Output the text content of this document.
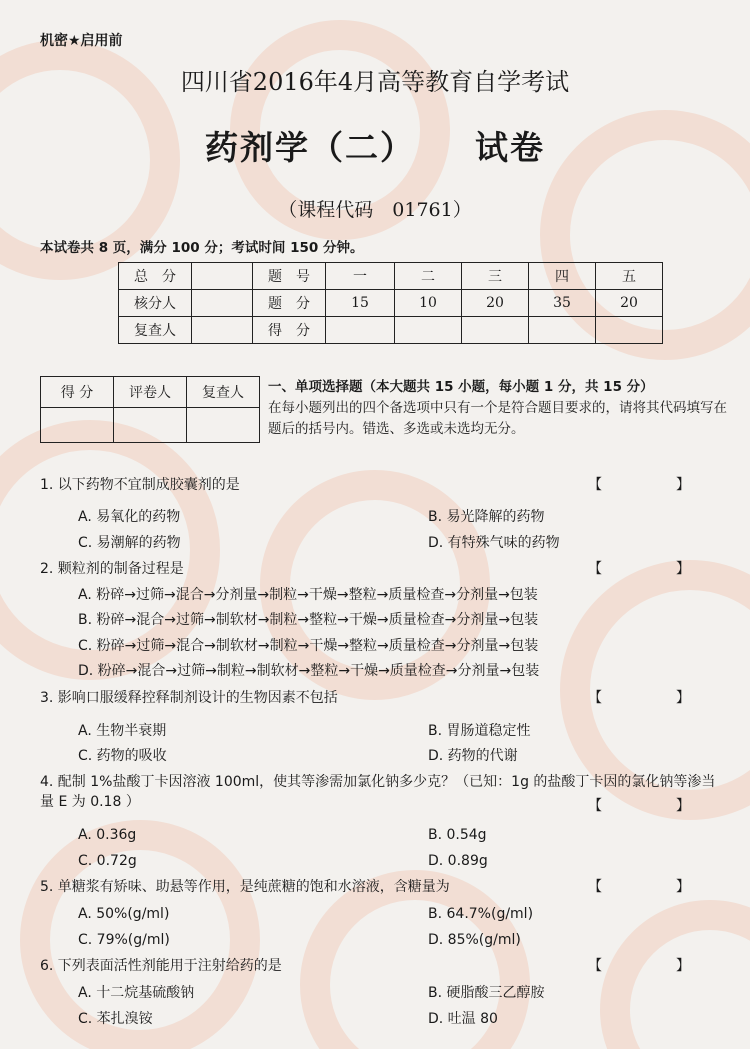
机密★启用前
四川省2016年4月高等教育自学考试
药剂学（二） 试卷
（课程代码　01761）
本试卷共 8 页，满分 100 分；考试时间 150 分钟。
总　分		题　号	一	二	三	四	五
核分人		题　分	15	10	20	35	20
复查人		得　分					
得 分	评卷人	复查人
		一、单项选择题（本大题共 15 小题，每小题 1 分，共 15 分）
在每小题列出的四个备选项中只有一个是符合题目要求的，请将其代码填写在题后的括号内。错选、多选或未选均无分。
1. 以下药物不宜制成胶囊剂的是	【　】
A. 易氧化的药物	B. 易光降解的药物
C. 易潮解的药物	D. 有特殊气味的药物
2. 颗粒剂的制备过程是	【　】
A. 粉碎→过筛→混合→分剂量→制粒→干燥→整粒→质量检查→分剂量→包装
B. 粉碎→混合→过筛→制软材→制粒→整粒→干燥→质量检查→分剂量→包装
C. 粉碎→过筛→混合→制软材→制粒→干燥→整粒→质量检查→分剂量→包装
D. 粉碎→混合→过筛→制粒→制软材→整粒→干燥→质量检查→分剂量→包装
3. 影响口服缓释控释制剂设计的生物因素不包括	【　】
A. 生物半衰期	B. 胃肠道稳定性
C. 药物的吸收	D. 药物的代谢
4. 配制 1%盐酸丁卡因溶液 100ml，使其等渗需加氯化钠多少克？（已知：1g 的盐酸丁卡因的氯化钠等渗当量 E 为 0.18 ）	【　】
A. 0.36g	B. 0.54g
C. 0.72g	D. 0.89g
5. 单糖浆有矫味、助悬等作用，是纯蔗糖的饱和水溶液，含糖量为	【　】
A. 50%(g/ml)	B. 64.7%(g/ml)
C. 79%(g/ml)	D. 85%(g/ml)
6. 下列表面活性剂能用于注射给药的是	【　】
A. 十二烷基硫酸钠	B. 硬脂酸三乙醇胺
C. 苯扎溴铵	D. 吐温 80
